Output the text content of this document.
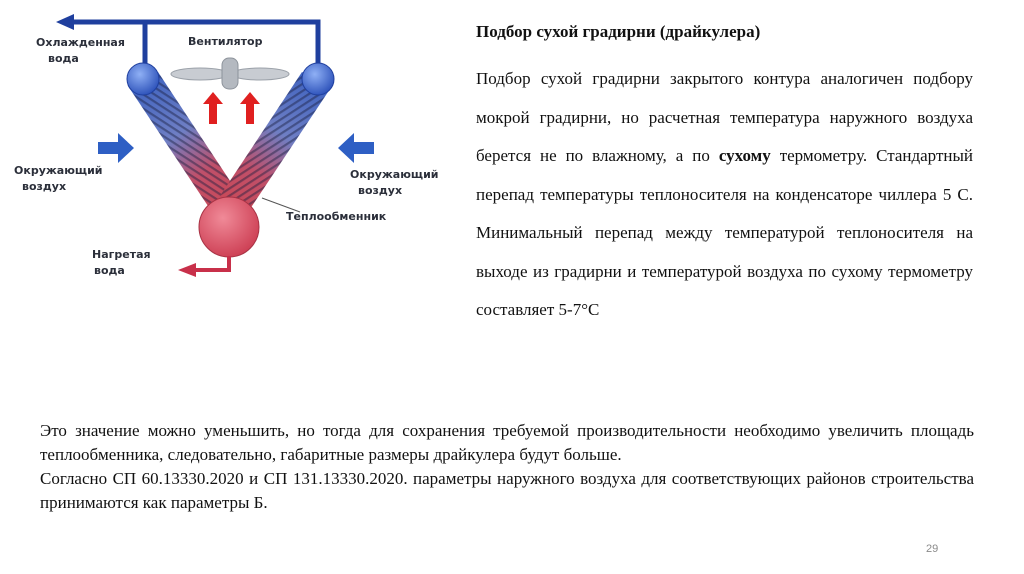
Охлажденная
вода
Вентилятор
Окружающий
воздух
Окружающий
воздух
Теплообменник
Нагретая
вода
Подбор сухой градирни (драйкулера)

Подбор сухой градирни закрытого контура аналогичен подбору мокрой градирни, но расчетная температура наружного воздуха берется не по влажному, а по сухому термометру. Стандартный перепад температуры теплоносителя на конденсаторе чиллера 5 С. Минимальный перепад между температурой теплоносителя на выходе из градирни и температурой воздуха по сухому термометру составляет 5-7°С

Это значение можно уменьшить, но тогда для сохранения требуемой производительности необходимо увеличить площадь теплообменника, следовательно, габаритные размеры драйкулера будут больше.

Согласно СП 60.13330.2020 и СП 131.13330.2020. параметры наружного воздуха для соответствующих районов строительства принимаются как параметры Б.

29
